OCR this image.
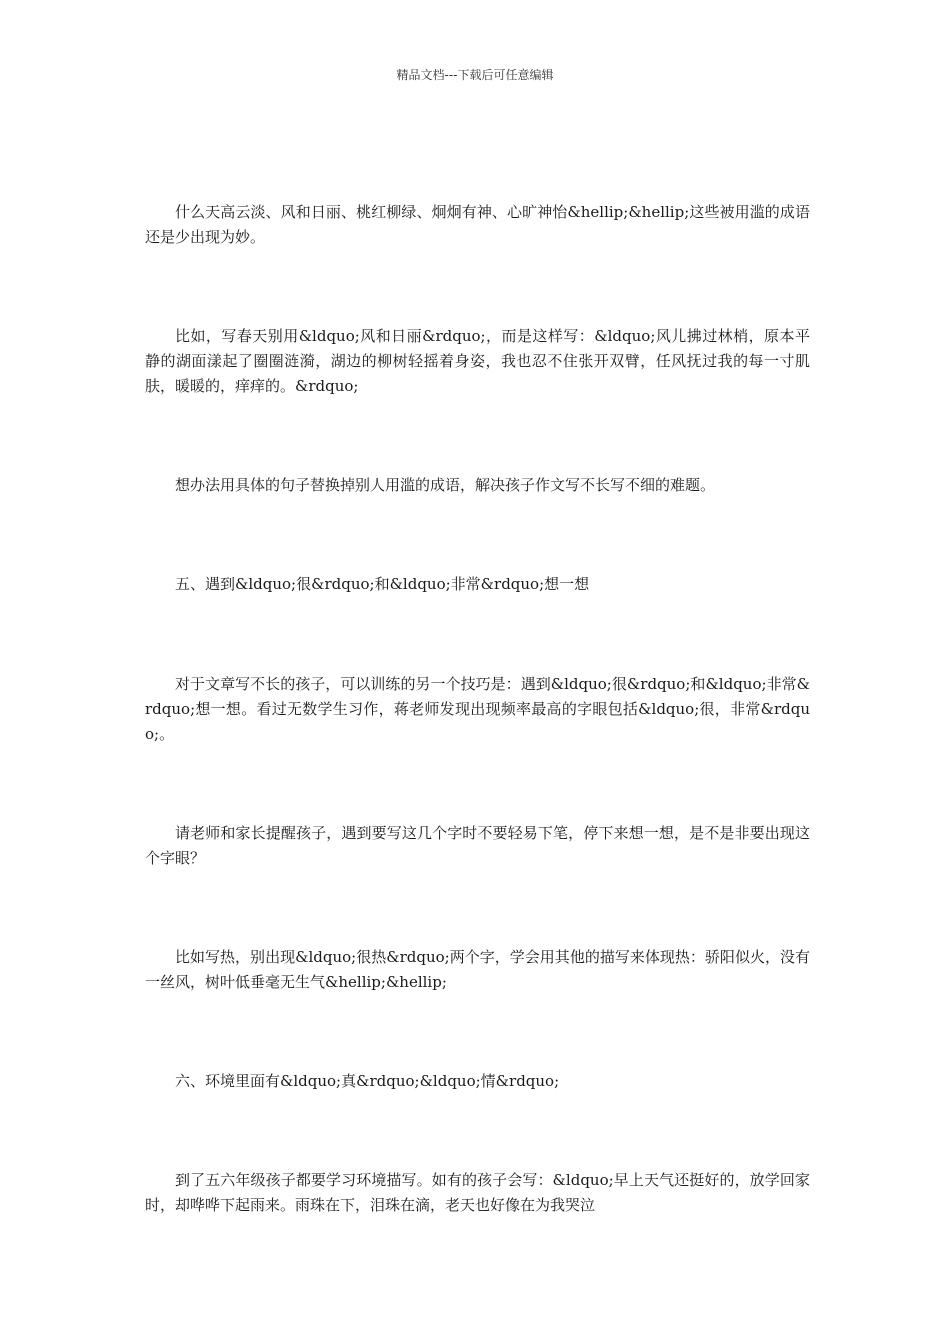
精品文档---下载后可任意编辑

什么天高云淡、风和日丽、桃红柳绿、炯炯有神、心旷神怡&hellip;&hellip;这些被用滥的成语还是少出现为妙。

比如，写春天别用&ldquo;风和日丽&rdquo;，而是这样写：&ldquo;风儿拂过林梢，原本平静的湖面漾起了圈圈涟漪，湖边的柳树轻摇着身姿，我也忍不住张开双臂，任风抚过我的每一寸肌肤，暖暖的，痒痒的。&rdquo;

想办法用具体的句子替换掉别人用滥的成语，解决孩子作文写不长写不细的难题。

五、遇到&ldquo;很&rdquo;和&ldquo;非常&rdquo;想一想

对于文章写不长的孩子，可以训练的另一个技巧是：遇到&ldquo;很&rdquo;和&ldquo;非常&rdquo;想一想。看过无数学生习作，蒋老师发现出现频率最高的字眼包括&ldquo;很，非常&rdquo;。

请老师和家长提醒孩子，遇到要写这几个字时不要轻易下笔，停下来想一想，是不是非要出现这个字眼？

比如写热，别出现&ldquo;很热&rdquo;两个字，学会用其他的描写来体现热：骄阳似火，没有一丝风，树叶低垂毫无生气&hellip;&hellip;

六、环境里面有&ldquo;真&rdquo;&ldquo;情&rdquo;

到了五六年级孩子都要学习环境描写。如有的孩子会写：&ldquo;早上天气还挺好的，放学回家时，却哗哗下起雨来。雨珠在下，泪珠在滴，老天也好像在为我哭泣
